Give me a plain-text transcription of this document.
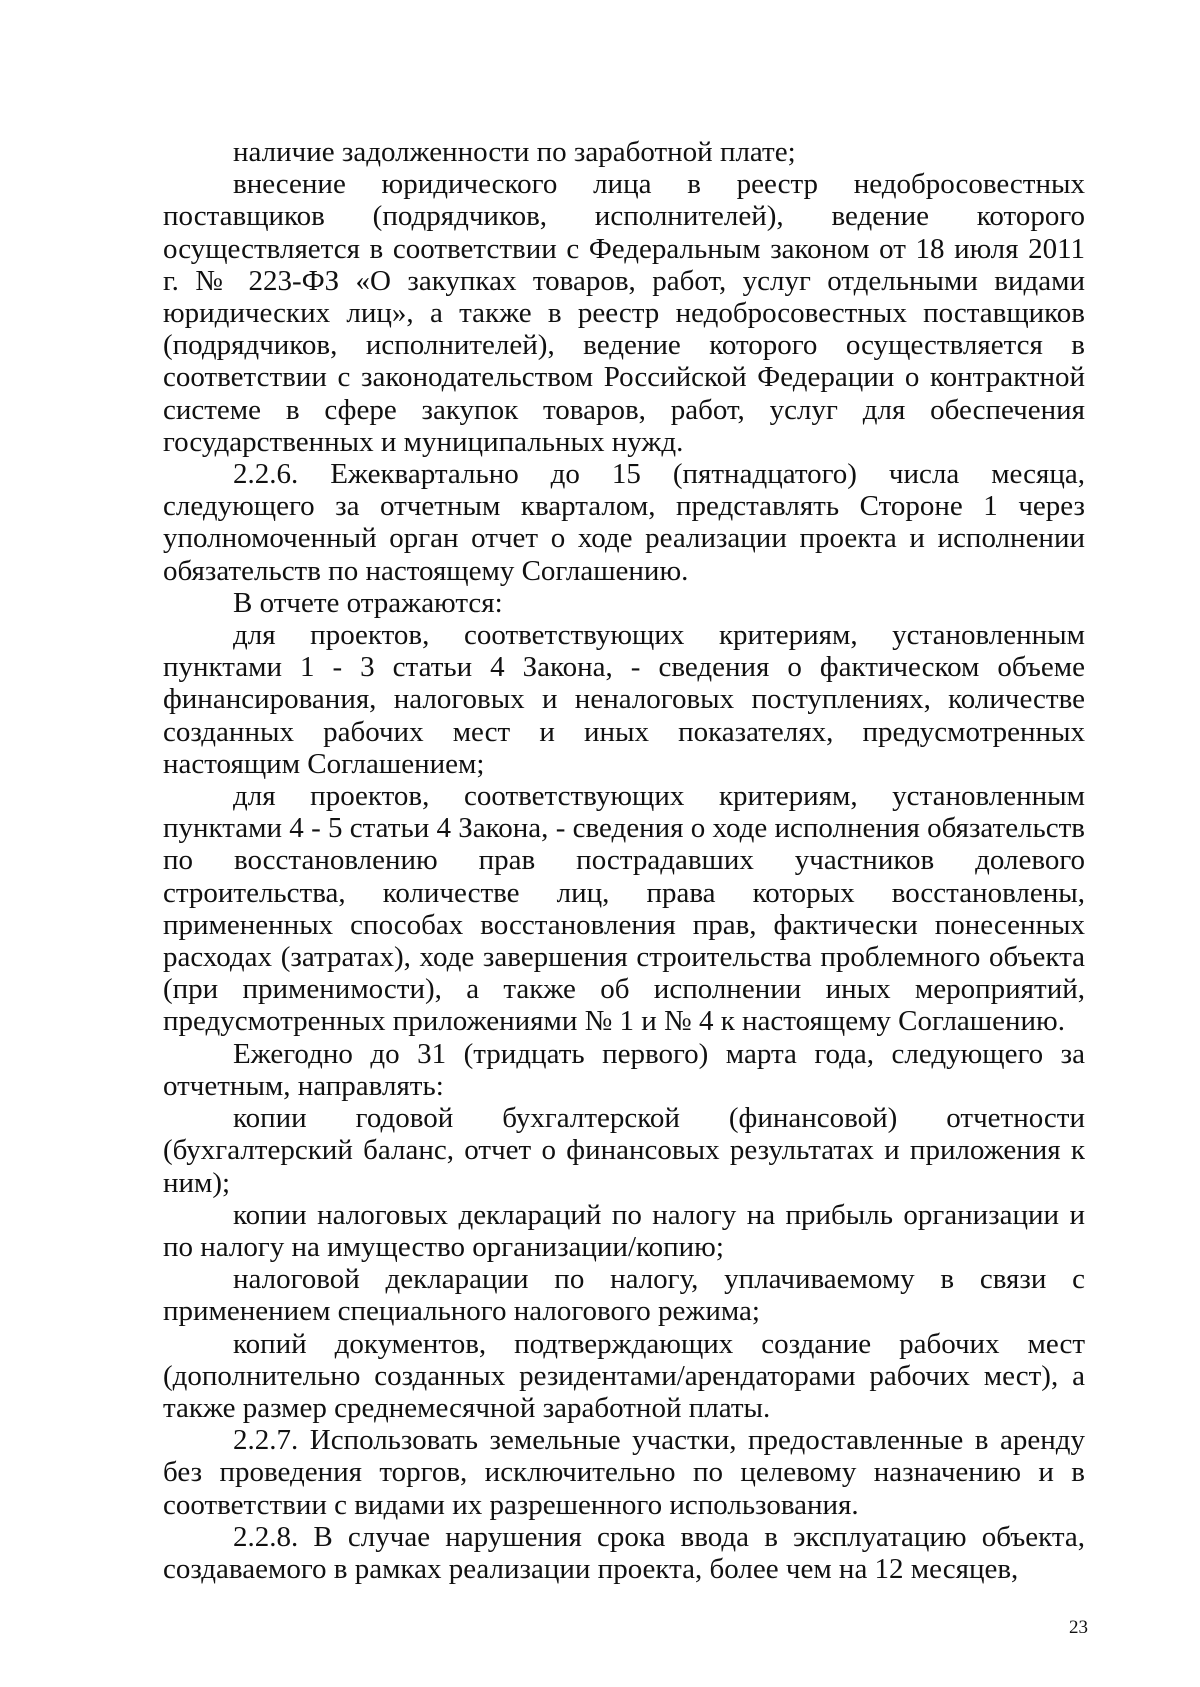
наличие задолженности по заработной плате;

внесение юридического лица в реестр недобросовестных поставщиков (подрядчиков, исполнителей), ведение которого осуществляется в соответствии с Федеральным законом от 18 июля 2011 г. № 223-ФЗ «О закупках товаров, работ, услуг отдельными видами юридических лиц», а также в реестр недобросовестных поставщиков (подрядчиков, исполнителей), ведение которого осуществляется в соответствии с законодательством Российской Федерации о контрактной системе в сфере закупок товаров, работ, услуг для обеспечения государственных и муниципальных нужд.

2.2.6. Ежеквартально до 15 (пятнадцатого) числа месяца, следующего за отчетным кварталом, представлять Стороне 1 через уполномоченный орган отчет о ходе реализации проекта и исполнении обязательств по настоящему Соглашению.

В отчете отражаются:

для проектов, соответствующих критериям, установленным пунктами 1 - 3 статьи 4 Закона, - сведения о фактическом объеме финансирования, налоговых и неналоговых поступлениях, количестве созданных рабочих мест и иных показателях, предусмотренных настоящим Соглашением;

для проектов, соответствующих критериям, установленным пунктами 4 - 5 статьи 4 Закона, - сведения о ходе исполнения обязательств по восстановлению прав пострадавших участников долевого строительства, количестве лиц, права которых восстановлены, примененных способах восстановления прав, фактически понесенных расходах (затратах), ходе завершения строительства проблемного объекта (при применимости), а также об исполнении иных мероприятий, предусмотренных приложениями № 1 и № 4 к настоящему Соглашению.

Ежегодно до 31 (тридцать первого) марта года, следующего за отчетным, направлять:

копии годовой бухгалтерской (финансовой) отчетности (бухгалтерский баланс, отчет о финансовых результатах и приложения к ним);

копии налоговых деклараций по налогу на прибыль организации и по налогу на имущество организации/копию;

налоговой декларации по налогу, уплачиваемому в связи с применением специального налогового режима;

копий документов, подтверждающих создание рабочих мест (дополнительно созданных резидентами/арендаторами рабочих мест), а также размер среднемесячной заработной платы.

2.2.7. Использовать земельные участки, предоставленные в аренду без проведения торгов, исключительно по целевому назначению и в соответствии с видами их разрешенного использования.

2.2.8. В случае нарушения срока ввода в эксплуатацию объекта, создаваемого в рамках реализации проекта, более чем на 12 месяцев,

23
